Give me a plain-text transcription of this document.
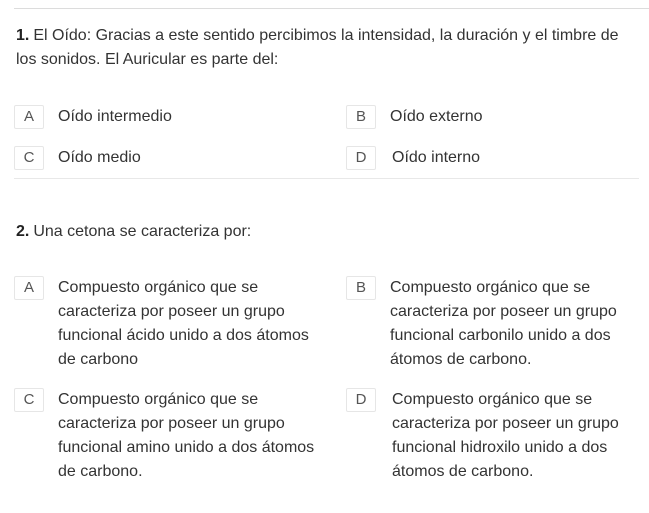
1. El Oído: Gracias a este sentido percibimos la intensidad, la duración y el timbre de los sonidos. El Auricular es parte del:
A	Oído intermedio	B	Oído externo
C	Oído medio	D	Oído interno
2. Una cetona se caracteriza por:
A	Compuesto orgánico que se caracteriza por poseer un grupo funcional ácido unido a dos átomos de carbono
B	Compuesto orgánico que se caracteriza por poseer un grupo funcional carbonilo unido a dos átomos de carbono.
C	Compuesto orgánico que se caracteriza por poseer un grupo funcional amino unido a dos átomos de carbono.
D	Compuesto orgánico que se caracteriza por poseer un grupo funcional hidroxilo unido a dos átomos de carbono.
